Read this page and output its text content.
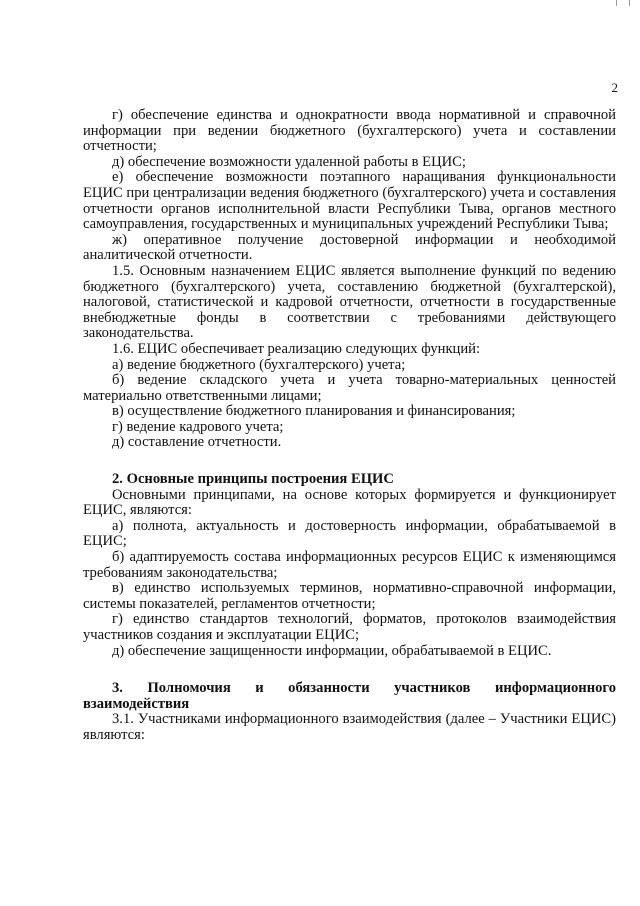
2

г) обеспечение единства и однократности ввода нормативной и справочной информации при ведении бюджетного (бухгалтерского) учета и составлении отчетности;

д) обеспечение возможности удаленной работы в ЕЦИС;

е) обеспечение возможности поэтапного наращивания функциональности ЕЦИС при централизации ведения бюджетного (бухгалтерского) учета и составления отчетности органов исполнительной власти Республики Тыва, органов местного самоуправления, государственных и муниципальных учреждений Республики Тыва;

ж) оперативное получение достоверной информации и необходимой аналитической отчетности.

1.5. Основным назначением ЕЦИС является выполнение функций по ведению бюджетного (бухгалтерского) учета, составлению бюджетной (бухгалтерской), налоговой, статистической и кадровой отчетности, отчетности в государственные внебюджетные фонды в соответствии с требованиями действующего законодательства.

1.6. ЕЦИС обеспечивает реализацию следующих функций:

а) ведение бюджетного (бухгалтерского) учета;

б) ведение складского учета и учета товарно-материальных ценностей материально ответственными лицами;

в) осуществление бюджетного планирования и финансирования;

г) ведение кадрового учета;

д) составление отчетности.

2. Основные принципы построения ЕЦИС

Основными принципами, на основе которых формируется и функционирует ЕЦИС, являются:

а) полнота, актуальность и достоверность информации, обрабатываемой в ЕЦИС;

б) адаптируемость состава информационных ресурсов ЕЦИС к изменяющимся требованиям законодательства;

в) единство используемых терминов, нормативно-справочной информации, системы показателей, регламентов отчетности;

г) единство стандартов технологий, форматов, протоколов взаимодействия участников создания и эксплуатации ЕЦИС;

д) обеспечение защищенности информации, обрабатываемой в ЕЦИС.

3. Полномочия и обязанности участников информационного

взаимодействия

3.1. Участниками информационного взаимодействия (далее – Участники ЕЦИС) являются:
